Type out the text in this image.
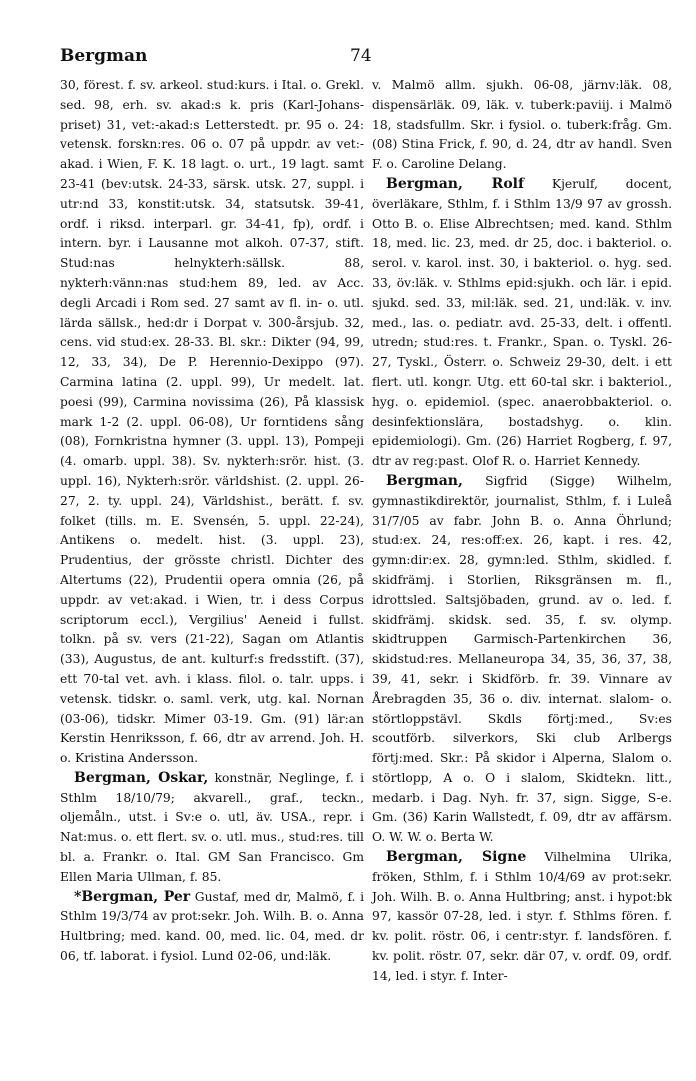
Bergman	74

30, förest. f. sv. arkeol. stud:kurs. i Ital. o. Grekl. sed. 98, erh. sv. akad:s k. pris (Karl-Johans-priset) 31, vet:-akad:s Letterstedt. pr. 95 o. 24: vetensk. forskn:res. 06 o. 07 på uppdr. av vet:-akad. i Wien, F. K. 18 lagt. o. urt., 19 lagt. samt 23-41 (bev:utsk. 24-33, särsk. utsk. 27, suppl. i utr:nd 33, konstit:utsk. 34, statsutsk. 39-41, ordf. i riksd. interparl. gr. 34-41, fp), ordf. i intern. byr. i Lausanne mot alkoh. 07-37, stift. Stud:nas helnykterh:sällsk. 88, nykterh:vänn:nas stud:hem 89, led. av Acc. degli Arcadi i Rom sed. 27 samt av fl. in- o. utl. lärda sällsk., hed:dr i Dorpat v. 300-årsjub. 32, cens. vid stud:ex. 28-33. Bl. skr.: Dikter (94, 99, 12, 33, 34), De P. Herennio-Dexippo (97). Carmina latina (2. uppl. 99), Ur medelt. lat. poesi (99), Carmina novissima (26), På klassisk mark 1-2 (2. uppl. 06-08), Ur forntidens sång (08), Fornkristna hymner (3. uppl. 13), Pompeji (4. omarb. uppl. 38). Sv. nykterh:srör. hist. (3. uppl. 16), Nykterh:srör. världshist. (2. uppl. 26-27, 2. ty. uppl. 24), Världshist., berätt. f. sv. folket (tills. m. E. Svensén, 5. uppl. 22-24), Antikens o. medelt. hist. (3. uppl. 23), Prudentius, der grösste christl. Dichter des Altertums (22), Prudentii opera omnia (26, på uppdr. av vet:akad. i Wien, tr. i dess Corpus scriptorum eccl.), Vergilius' Aeneid i fullst. tolkn. på sv. vers (21-22), Sagan om Atlantis (33), Augustus, de ant. kulturf:s fredsstift. (37), ett 70-tal vet. avh. i klass. filol. o. talr. upps. i vetensk. tidskr. o. saml. verk, utg. kal. Nornan (03-06), tidskr. Mimer 03-19. Gm. (91) lär:an Kerstin Henriksson, f. 66, dtr av arrend. Joh. H. o. Kristina Andersson.

Bergman, Oskar, konstnär, Neglinge, f. i Sthlm 18/10/79; akvarell., graf., teckn., oljemåln., utst. i Sv:e o. utl, äv. USA., repr. i Nat:mus. o. ett flert. sv. o. utl. mus., stud:res. till bl. a. Frankr. o. Ital. GM San Francisco. Gm Ellen Maria Ullman, f. 85.

*Bergman, Per Gustaf, med dr, Malmö, f. i Sthlm 19/3/74 av prot:sekr. Joh. Wilh. B. o. Anna Hultbring; med. kand. 00, med. lic. 04, med. dr 06, tf. laborat. i fysiol. Lund 02-06, und:läk.

v. Malmö allm. sjukh. 06-08, järnv:läk. 08, dispensärläk. 09, läk. v. tuberk:paviij. i Malmö 18, stadsfullm. Skr. i fysiol. o. tuberk:fråg. Gm. (08) Stina Frick, f. 90, d. 24, dtr av handl. Sven F. o. Caroline Delang.

Bergman, Rolf Kjerulf, docent, överläkare, Sthlm, f. i Sthlm 13/9 97 av grossh. Otto B. o. Elise Albrechtsen; med. kand. Sthlm 18, med. lic. 23, med. dr 25, doc. i bakteriol. o. serol. v. karol. inst. 30, i bakteriol. o. hyg. sed. 33, öv:läk. v. Sthlms epid:sjukh. och lär. i epid. sjukd. sed. 33, mil:läk. sed. 21, und:läk. v. inv. med., las. o. pediatr. avd. 25-33, delt. i offentl. utredn; stud:res. t. Frankr., Span. o. Tyskl. 26-27, Tyskl., Österr. o. Schweiz 29-30, delt. i ett flert. utl. kongr. Utg. ett 60-tal skr. i bakteriol., hyg. o. epidemiol. (spec. anaerobbakteriol. o. desinfektionslära, bostadshyg. o. klin. epidemiologi). Gm. (26) Harriet Rogberg, f. 97, dtr av reg:past. Olof R. o. Harriet Kennedy.

Bergman, Sigfrid (Sigge) Wilhelm, gymnastikdirektör, journalist, Sthlm, f. i Luleå 31/7/05 av fabr. John B. o. Anna Öhrlund; stud:ex. 24, res:off:ex. 26, kapt. i res. 42, gymn:dir:ex. 28, gymn:led. Sthlm, skidled. f. skidfrämj. i Storlien, Riksgränsen m. fl., idrottsled. Saltsjöbaden, grund. av o. led. f. skidfrämj. skidsk. sed. 35, f. sv. olymp. skidtruppen Garmisch-Partenkirchen 36, skidstud:res. Mellaneuropa 34, 35, 36, 37, 38, 39, 41, sekr. i Skidförb. fr. 39. Vinnare av Årebragden 35, 36 o. div. internat. slalom- o. störtloppstävl. Skdls förtj:med., Sv:es scoutförb. silverkors, Ski club Arlbergs förtj:med. Skr.: På skidor i Alperna, Slalom o. störtlopp, A o. O i slalom, Skidtekn. litt., medarb. i Dag. Nyh. fr. 37, sign. Sigge, S-e. Gm. (36) Karin Wallstedt, f. 09, dtr av affärsm. O. W. W. o. Berta W.

Bergman, Signe Vilhelmina Ulrika, fröken, Sthlm, f. i Sthlm 10/4/69 av prot:sekr. Joh. Wilh. B. o. Anna Hultbring; anst. i hypot:bk 97, kassör 07-28, led. i styr. f. Sthlms fören. f. kv. polit. röstr. 06, i centr:styr. f. landsfören. f. kv. polit. röstr. 07, sekr. där 07, v. ordf. 09, ordf. 14, led. i styr. f. Inter-
